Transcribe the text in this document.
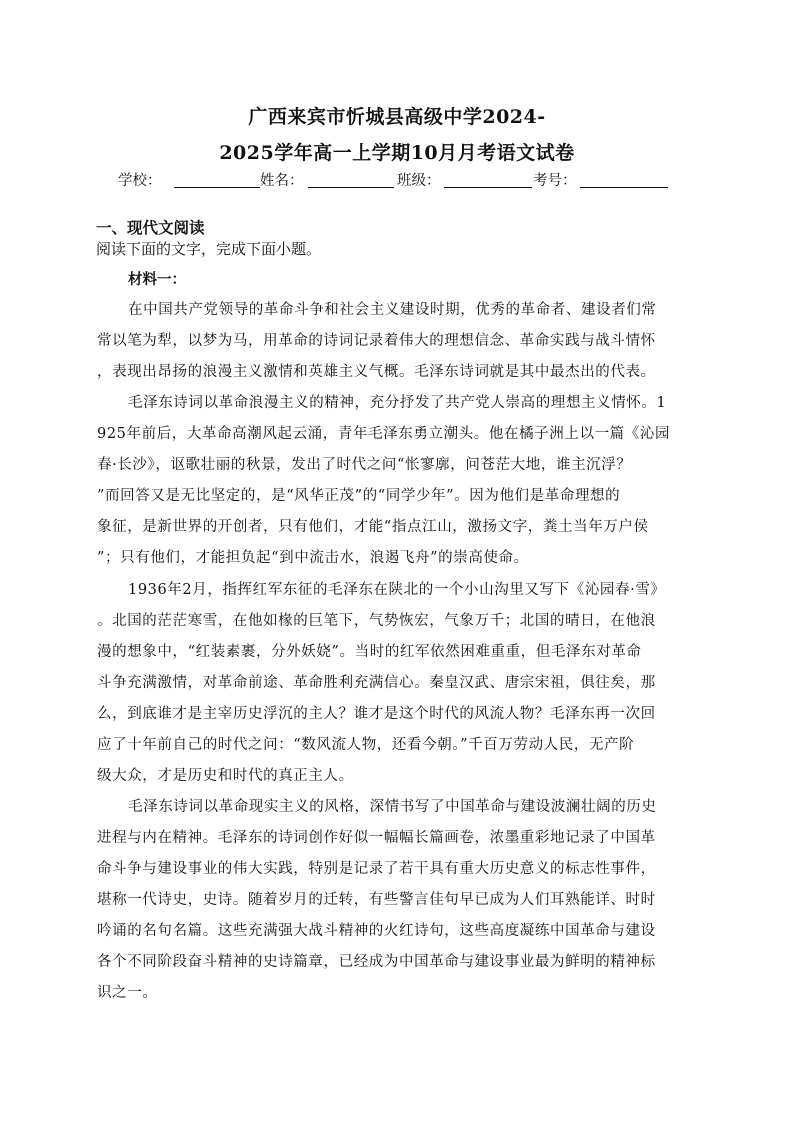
广西来宾市忻城县高级中学2024-
2025学年高一上学期10月月考语文试卷
学校：	姓名：	班级：	考号：
一、现代文阅读
阅读下面的文字，完成下面小题。
材料一：
在中国共产党领导的革命斗争和社会主义建设时期，优秀的革命者、建设者们常
常以笔为犁，以梦为马，用革命的诗词记录着伟大的理想信念、革命实践与战斗情怀
，表现出昂扬的浪漫主义激情和英雄主义气概。毛泽东诗词就是其中最杰出的代表。
毛泽东诗词以革命浪漫主义的精神，充分抒发了共产党人崇高的理想主义情怀。1
925年前后，大革命高潮风起云涌，青年毛泽东勇立潮头。他在橘子洲上以一篇《沁园
春·长沙》，讴歌壮丽的秋景，发出了时代之问“怅寥廓，问苍茫大地，谁主沉浮？
”而回答又是无比坚定的，是“风华正茂”的“同学少年”。因为他们是革命理想的
象征，是新世界的开创者，只有他们，才能“指点江山，激扬文字，粪土当年万户侯
”；只有他们，才能担负起“到中流击水，浪遏飞舟”的崇高使命。
1936年2月，指挥红军东征的毛泽东在陕北的一个小山沟里又写下《沁园春·雪》
。北国的茫茫寒雪，在他如椽的巨笔下，气势恢宏，气象万千；北国的晴日，在他浪
漫的想象中，“红装素裹，分外妖娆”。当时的红军依然困难重重，但毛泽东对革命
斗争充满激情，对革命前途、革命胜利充满信心。秦皇汉武、唐宗宋祖，俱往矣，那
么，到底谁才是主宰历史浮沉的主人？谁才是这个时代的风流人物？毛泽东再一次回
应了十年前自己的时代之问：“数风流人物，还看今朝。”千百万劳动人民，无产阶
级大众，才是历史和时代的真正主人。
毛泽东诗词以革命现实主义的风格，深情书写了中国革命与建设波澜壮阔的历史
进程与内在精神。毛泽东的诗词创作好似一幅幅长篇画卷，浓墨重彩地记录了中国革
命斗争与建设事业的伟大实践，特别是记录了若干具有重大历史意义的标志性事件，
堪称一代诗史，史诗。随着岁月的迁转，有些警言佳句早已成为人们耳熟能详、时时
吟诵的名句名篇。这些充满强大战斗精神的火红诗句，这些高度凝练中国革命与建设
各个不同阶段奋斗精神的史诗篇章，已经成为中国革命与建设事业最为鲜明的精神标
识之一。
